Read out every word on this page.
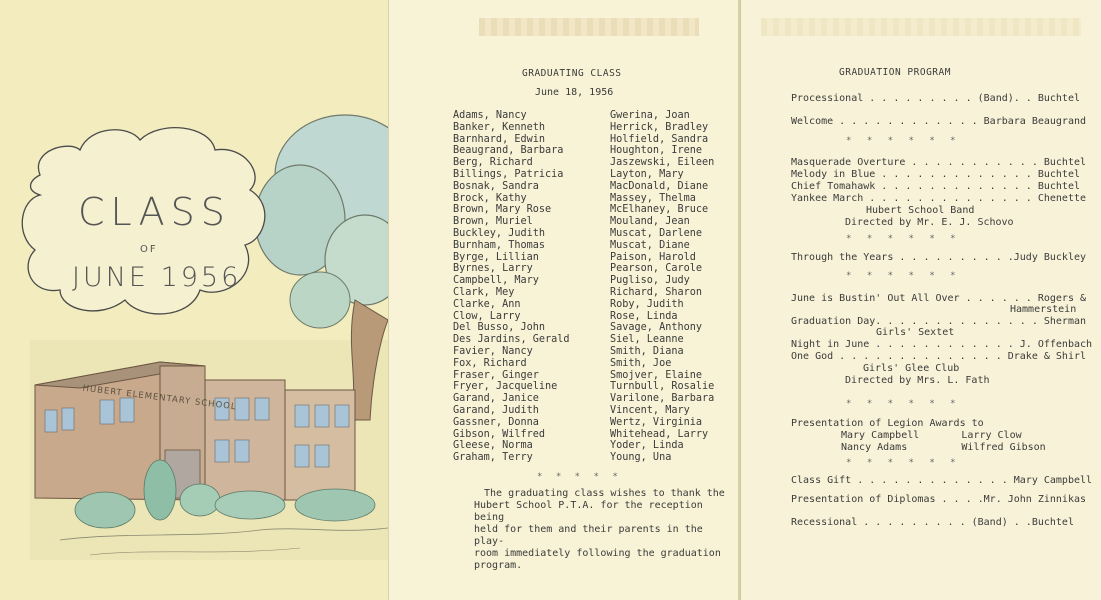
CLASS
OF
JUNE 1956
HUBERT ELEMENTARY SCHOOL
GRADUATING CLASS
June 18, 1956
Adams, Nancy
Banker, Kenneth
Barnhard, Edwin
Beaugrand, Barbara
Berg, Richard
Billings, Patricia
Bosnak, Sandra
Brock, Kathy
Brown, Mary Rose
Brown, Muriel
Buckley, Judith
Burnham, Thomas
Byrge, Lillian
Byrnes, Larry
Campbell, Mary
Clark, Mey
Clarke, Ann
Clow, Larry
Del Busso, John
Des Jardins, Gerald
Favier, Nancy
Fox, Richard
Fraser, Ginger
Fryer, Jacqueline
Garand, Janice
Garand, Judith
Gassner, Donna
Gibson, Wilfred
Gleese, Norma
Graham, Terry
Gwerina, Joan
Herrick, Bradley
Holfield, Sandra
Houghton, Irene
Jaszewski, Eileen
Layton, Mary
MacDonald, Diane
Massey, Thelma
McElhaney, Bruce
Mouland, Jean
Muscat, Darlene
Muscat, Diane
Paison, Harold
Pearson, Carole
Pugliso, Judy
Richard, Sharon
Roby, Judith
Rose, Linda
Savage, Anthony
Siel, Leanne
Smith, Diana
Smith, Joe
Smojver, Elaine
Turnbull, Rosalie
Varilone, Barbara
Vincent, Mary
Wertz, Virginia
Whitehead, Larry
Yoder, Linda
Young, Una
* * * * *
The graduating class wishes to thank the
Hubert School P.T.A. for the reception being
held for them and their parents in the play-
room immediately following the graduation
program.
GRADUATION PROGRAM
Processional . . . . . . . . . (Band). . Buchtel
Welcome . . . . . . . . . . . . Barbara Beaugrand
* * * * * *
Masquerade Overture . . . . . . . . . . . Buchtel
Melody in Blue . . . . . . . . . . . . . Buchtel
Chief Tomahawk . . . . . . . . . . . . . Buchtel
Yankee March . . . . . . . . . . . . . . Chenette
Hubert School Band
Directed by Mr. E. J. Schovo
* * * * * *
Through the Years . . . . . . . . . .Judy Buckley
* * * * * *
June is Bustin' Out All Over . . . . . . Rogers &
Hammerstein
Graduation Day. . . . . . . . . . . . . . Sherman
Girls' Sextet
Night in June . . . . . . . . . . . . J. Offenbach
One God . . . . . . . . . . . . . . Drake & Shirl
Girls' Glee Club
Directed by Mrs. L. Fath
* * * * * *
Presentation of Legion Awards to
Mary Campbell       Larry Clow
Nancy Adams         Wilfred Gibson
* * * * * *
Class Gift . . . . . . . . . . . . . Mary Campbell
Presentation of Diplomas . . . .Mr. John Zinnikas
Recessional . . . . . . . . . (Band) . .Buchtel
